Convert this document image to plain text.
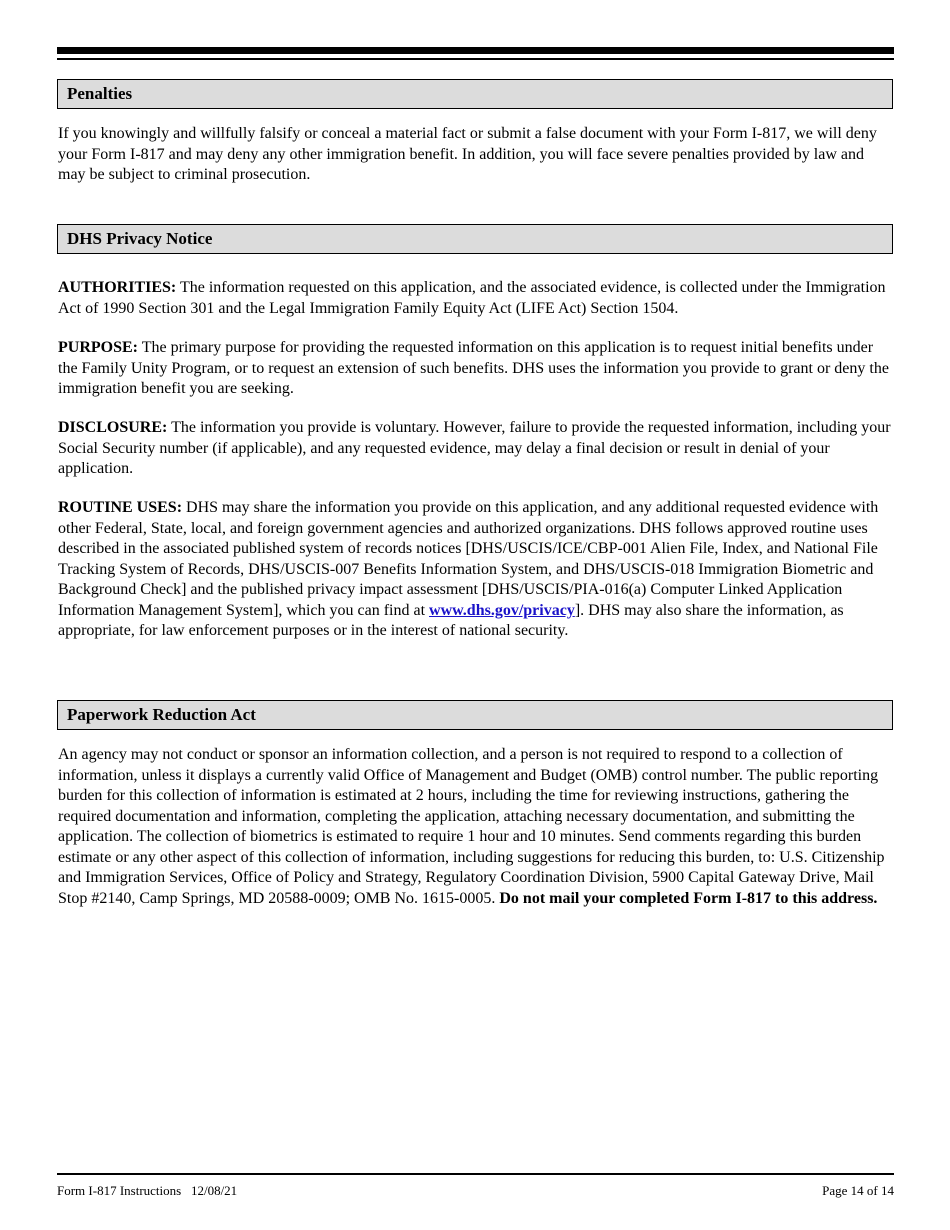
Penalties

If you knowingly and willfully falsify or conceal a material fact or submit a false document with your Form I-817, we will deny your Form I-817 and may deny any other immigration benefit. In addition, you will face severe penalties provided by law and may be subject to criminal prosecution.

DHS Privacy Notice

AUTHORITIES: The information requested on this application, and the associated evidence, is collected under the Immigration Act of 1990 Section 301 and the Legal Immigration Family Equity Act (LIFE Act) Section 1504.

PURPOSE: The primary purpose for providing the requested information on this application is to request initial benefits under the Family Unity Program, or to request an extension of such benefits. DHS uses the information you provide to grant or deny the immigration benefit you are seeking.

DISCLOSURE: The information you provide is voluntary. However, failure to provide the requested information, including your Social Security number (if applicable), and any requested evidence, may delay a final decision or result in denial of your application.

ROUTINE USES: DHS may share the information you provide on this application, and any additional requested evidence with other Federal, State, local, and foreign government agencies and authorized organizations. DHS follows approved routine uses described in the associated published system of records notices [DHS/USCIS/ICE/CBP-001 Alien File, Index, and National File Tracking System of Records, DHS/USCIS-007 Benefits Information System, and DHS/USCIS-018 Immigration Biometric and Background Check] and the published privacy impact assessment [DHS/USCIS/PIA-016(a) Computer Linked Application Information Management System], which you can find at www.dhs.gov/privacy]. DHS may also share the information, as appropriate, for law enforcement purposes or in the interest of national security.

Paperwork Reduction Act

An agency may not conduct or sponsor an information collection, and a person is not required to respond to a collection of information, unless it displays a currently valid Office of Management and Budget (OMB) control number. The public reporting burden for this collection of information is estimated at 2 hours, including the time for reviewing instructions, gathering the required documentation and information, completing the application, attaching necessary documentation, and submitting the application. The collection of biometrics is estimated to require 1 hour and 10 minutes. Send comments regarding this burden estimate or any other aspect of this collection of information, including suggestions for reducing this burden, to: U.S. Citizenship and Immigration Services, Office of Policy and Strategy, Regulatory Coordination Division, 5900 Capital Gateway Drive, Mail Stop #2140, Camp Springs, MD 20588-0009; OMB No. 1615-0005. Do not mail your completed Form I-817 to this address.

Form I-817 Instructions   12/08/21	Page 14 of 14
